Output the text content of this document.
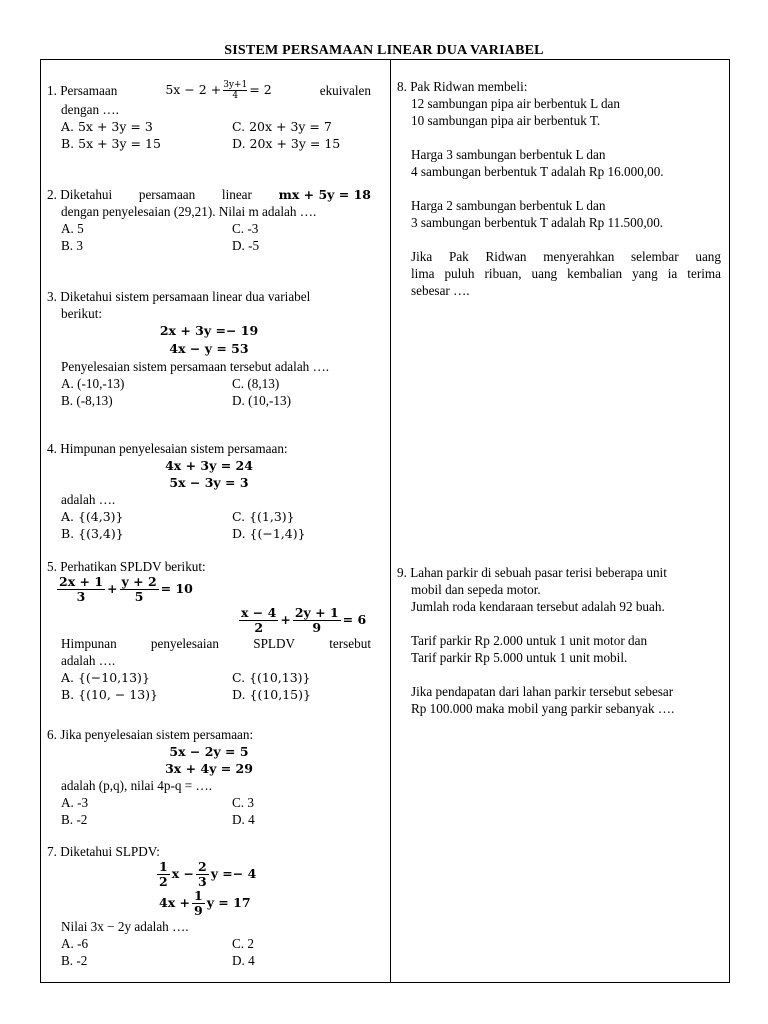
SISTEM PERSAMAAN LINEAR DUA VARIABEL
1. Persamaan	$5x - 2 + \frac{3y+1}{4} = 2$	ekuivalen
dengan ….
A. 5x + 3y = 3	C. 20x + 3y = 7
B. 5x + 3y = 15	D. 20x + 3y = 15
2. Diketahui persamaan linear mx + 5y = 18
dengan penyelesaian (29,21). Nilai m adalah ….
A. 5	C. -3
B. 3	D. -5
3. Diketahui sistem persamaan linear dua variabel
berikut:
2x + 3y =− 19
4x − y = 53
Penyelesaian sistem persamaan tersebut adalah ….
A. (-10,-13)	C. (8,13)
B. (-8,13)	D. (10,-13)
4. Himpunan penyelesaian sistem persamaan:
4x + 3y = 24
5x − 3y = 3
adalah ….
A. {(4,3)}	C. {(1,3)}
B. {(3,4)}	D. {(−1,4)}
5. Perhatikan SPLDV berikut:
$\frac{2x + 1}{3} + \frac{y + 2}{5} = 10$
$\frac{x - 4}{2} + \frac{2y + 1}{9} = 6$
Himpunan	penyelesaian	SPLDV	tersebut
adalah ….
A. {(−10,13)}	C. {(10,13)}
B. {(10, − 13)}	D. {(10,15)}
6. Jika penyelesaian sistem persamaan:
5x − 2y = 5
3x + 4y = 29
adalah (p,q), nilai 4p-q = ….
A. -3	C. 3
B. -2	D. 4
7. Diketahui SLPDV:
$\frac{1}{2}$ $x - \frac{2}{3}$ y =− 4
$4x + \frac{1}{9}$ y = 17
Nilai 3x − 2y adalah ….
A. -6	C. 2
B. -2	D. 4
8. Pak Ridwan membeli:
12 sambungan pipa air berbentuk L dan
10 sambungan pipa air berbentuk T.
Harga 3 sambungan berbentuk L dan
4 sambungan berbentuk T adalah Rp 16.000,00.
Harga 2 sambungan berbentuk L dan
3 sambungan berbentuk T adalah Rp 11.500,00.
Jika Pak Ridwan menyerahkan selembar uang
lima puluh ribuan, uang kembalian yang ia terima
sebesar ….
9. Lahan parkir di sebuah pasar terisi beberapa unit
mobil dan sepeda motor.
Jumlah roda kendaraan tersebut adalah 92 buah.
Tarif parkir Rp 2.000 untuk 1 unit motor dan
Tarif parkir Rp 5.000 untuk 1 unit mobil.
Jika pendapatan dari lahan parkir tersebut sebesar
Rp 100.000 maka mobil yang parkir sebanyak ….
